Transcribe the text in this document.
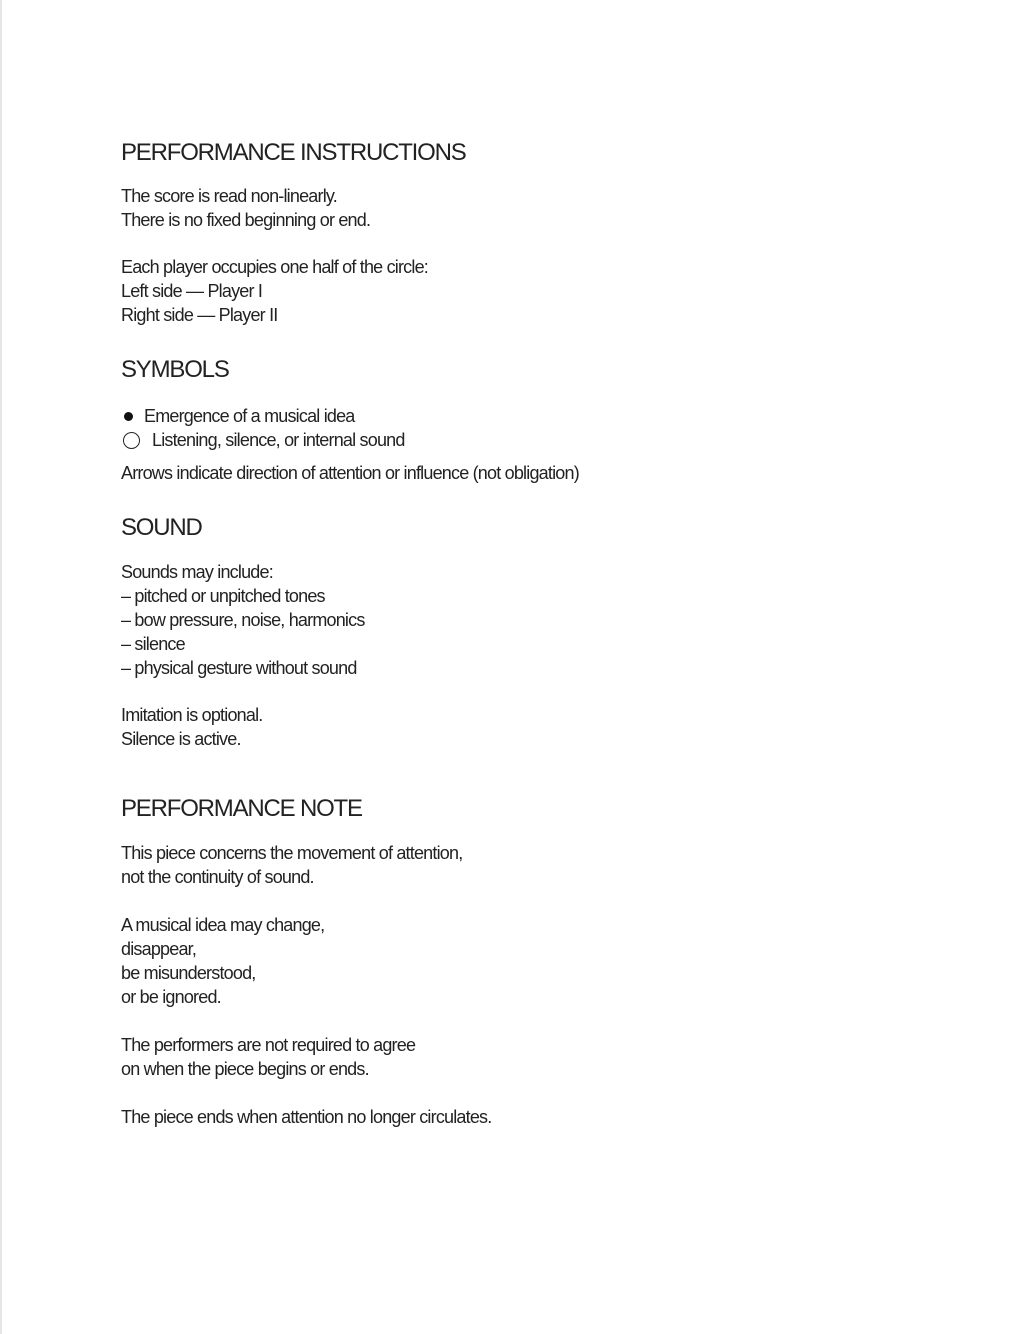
PERFORMANCE INSTRUCTIONS

The score is read non-linearly.
There is no fixed beginning or end.

Each player occupies one half of the circle:
Left side — Player I
Right side — Player II

SYMBOLS
Emergence of a musical idea
Listening, silence, or internal sound

Arrows indicate direction of attention or influence (not obligation)

SOUND

Sounds may include:
– pitched or unpitched tones
– bow pressure, noise, harmonics
– silence
– physical gesture without sound

Imitation is optional.
Silence is active.

PERFORMANCE NOTE

This piece concerns the movement of attention,
not the continuity of sound.

A musical idea may change,
disappear,
be misunderstood,
or be ignored.

The performers are not required to agree
on when the piece begins or ends.

The piece ends when attention no longer circulates.
